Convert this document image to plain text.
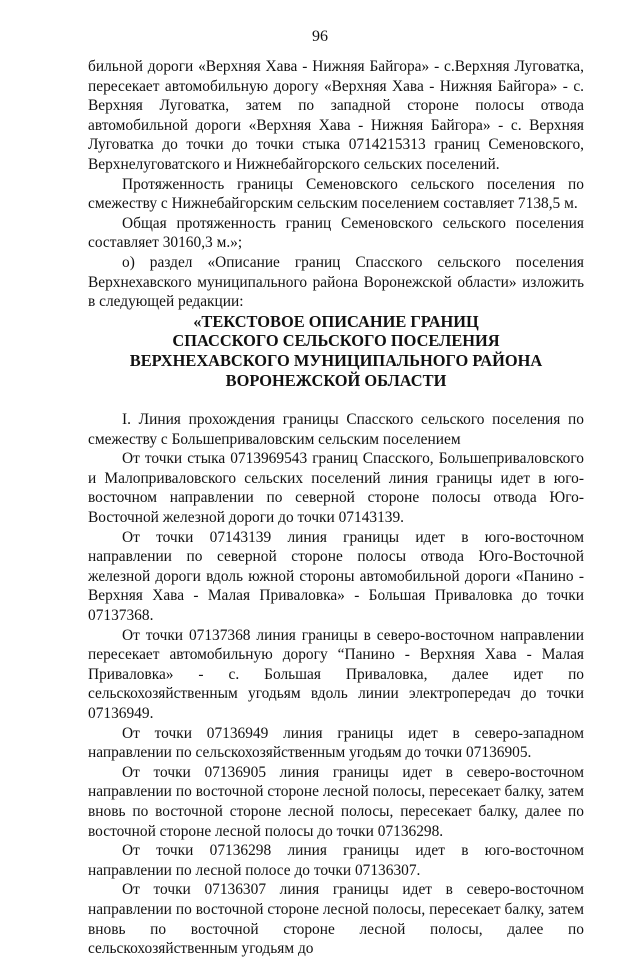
96

бильной дороги «Верхняя Хава - Нижняя Байгора» - с.Верхняя Луговатка, пересекает автомобильную дорогу «Верхняя Хава - Нижняя Байгора» - с. Верхняя Луговатка, затем по западной стороне полосы отвода автомобильной дороги «Верхняя Хава - Нижняя Байгора» - с. Верхняя Луговатка до точки до точки стыка 0714215313 границ Семеновского, Верхнелуговатского и Нижнебайгорского сельских поселений.

Протяженность границы Семеновского сельского поселения по смежеству с Нижнебайгорским сельским поселением составляет 7138,5 м.

Общая протяженность границ Семеновского сельского поселения составляет 30160,3 м.»;

о) раздел «Описание границ Спасского сельского поселения Верхнехавского муниципального района Воронежской области» изложить в следующей редакции:

«ТЕКСТОВОЕ ОПИСАНИЕ ГРАНИЦ
СПАССКОГО СЕЛЬСКОГО ПОСЕЛЕНИЯ
ВЕРХНЕХАВСКОГО МУНИЦИПАЛЬНОГО РАЙОНА
ВОРОНЕЖСКОЙ ОБЛАСТИ

I. Линия прохождения границы Спасского сельского поселения по смежеству с Большеприваловским сельским поселением

От точки стыка 0713969543 границ Спасского, Большеприваловского и Малоприваловского сельских поселений линия границы идет в юго-восточном направлении по северной стороне полосы отвода Юго-Восточной железной дороги до точки 07143139.

От точки 07143139 линия границы идет в юго-восточном направлении по северной стороне полосы отвода Юго-Восточной железной дороги вдоль южной стороны автомобильной дороги «Панино - Верхняя Хава - Малая Приваловка» - Большая Приваловка до точки 07137368.

От точки 07137368 линия границы в северо-восточном направлении пересекает автомобильную дорогу “Панино - Верхняя Хава - Малая Приваловка» - с. Большая Приваловка, далее идет по сельскохозяйственным угодьям вдоль линии электропередач до точки 07136949.

От точки 07136949 линия границы идет в северо-западном направлении по сельскохозяйственным угодьям до точки 07136905.

От точки 07136905 линия границы идет в северо-восточном направлении по восточной стороне лесной полосы, пересекает балку, затем вновь по восточной стороне лесной полосы, пересекает балку, далее по восточной стороне лесной полосы до точки 07136298.

От точки 07136298 линия границы идет в юго-восточном направлении по лесной полосе до точки 07136307.

От точки 07136307 линия границы идет в северо-восточном направлении по восточной стороне лесной полосы, пересекает балку, затем вновь по восточной стороне лесной полосы, далее по сельскохозяйственным угодьям до
